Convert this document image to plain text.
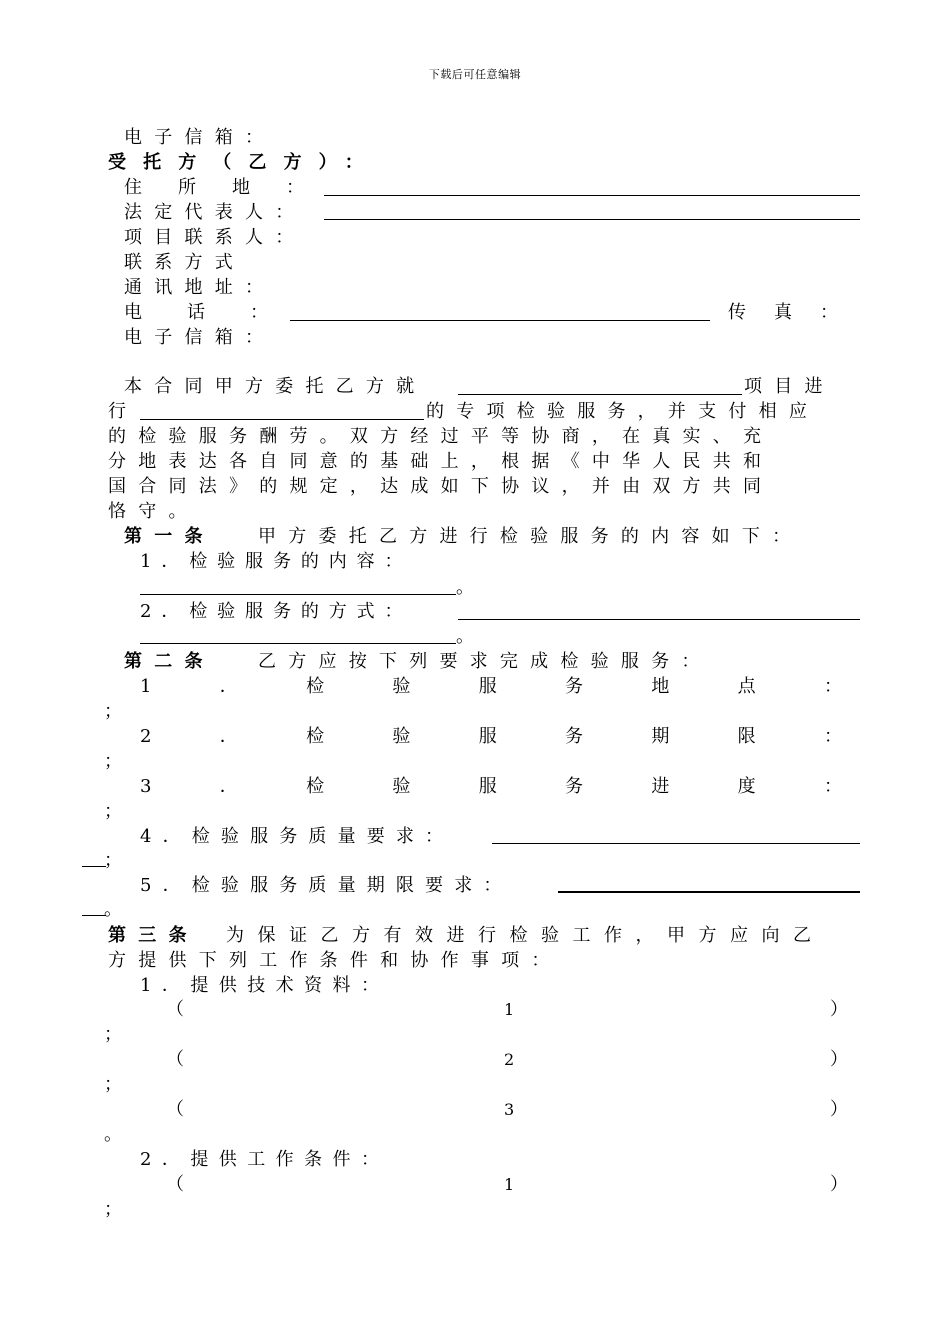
下载后可任意编辑
电子信箱：
受托方（乙方）：
住 所 地 ：
法定代表人：
项目联系人：
联系方式
通讯地址：
电	话	：	传 真 ：
电子信箱：
本合同甲方委托乙方就	项目进
行	的专项检验服务，并支付相应
的检验服务酬劳。双方经过平等协商，在真实、充
分地表达各自同意的基础上，根据《中华人民共和
国合同法》的规定，达成如下协议，并由双方共同
恪守。
第一条 甲方委托乙方进行检验服务的内容如下：
1．检验服务的内容：
。
2．检验服务的方式：
。
第二条 乙方应按下列要求完成检验服务：
1	．	检	验	服	务	地	点	：
；
2	．	检	验	服	务	期	限	：
；
3	．	检	验	服	务	进	度	：
；
4．检验服务质量要求：
；
5．检验服务质量期限要求：
。
第三条 为保证乙方有效进行检验工作，甲方应向乙
方提供下列工作条件和协作事项：
1．提供技术资料：
（	1	）
；
（	2	）
；
（	3	）
。
2．提供工作条件：
（	1	）
；
